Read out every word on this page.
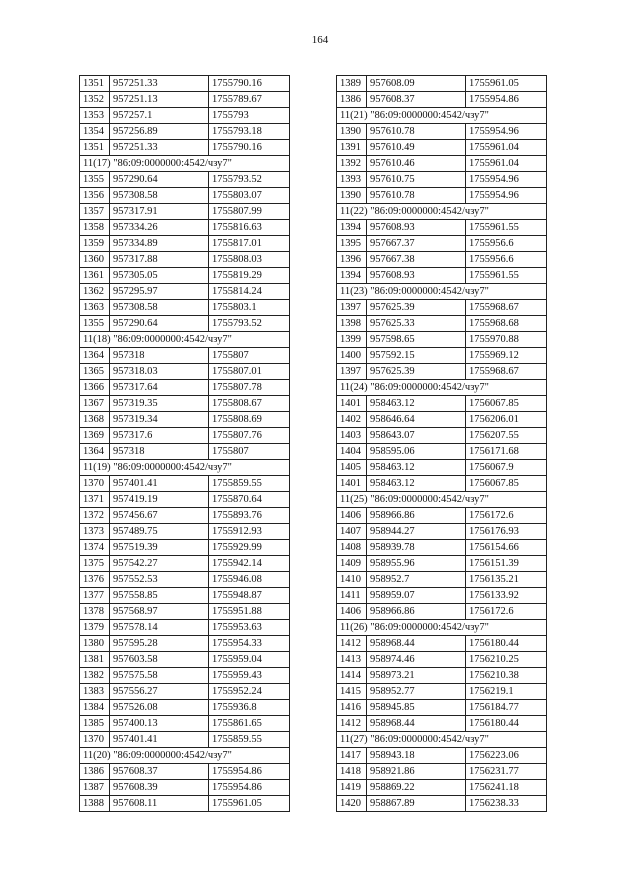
164
1351	957251.33	1755790.16
1352	957251.13	1755789.67
1353	957257.1	1755793
1354	957256.89	1755793.18
1351	957251.33	1755790.16
11(17) "86:09:0000000:4542/чзу7"		
1355	957290.64	1755793.52
1356	957308.58	1755803.07
1357	957317.91	1755807.99
1358	957334.26	1755816.63
1359	957334.89	1755817.01
1360	957317.88	1755808.03
1361	957305.05	1755819.29
1362	957295.97	1755814.24
1363	957308.58	1755803.1
1355	957290.64	1755793.52
11(18) "86:09:0000000:4542/чзу7"		
1364	957318	1755807
1365	957318.03	1755807.01
1366	957317.64	1755807.78
1367	957319.35	1755808.67
1368	957319.34	1755808.69
1369	957317.6	1755807.76
1364	957318	1755807
11(19) "86:09:0000000:4542/чзу7"		
1370	957401.41	1755859.55
1371	957419.19	1755870.64
1372	957456.67	1755893.76
1373	957489.75	1755912.93
1374	957519.39	1755929.99
1375	957542.27	1755942.14
1376	957552.53	1755946.08
1377	957558.85	1755948.87
1378	957568.97	1755951.88
1379	957578.14	1755953.63
1380	957595.28	1755954.33
1381	957603.58	1755959.04
1382	957575.58	1755959.43
1383	957556.27	1755952.24
1384	957526.08	1755936.8
1385	957400.13	1755861.65
1370	957401.41	1755859.55
11(20) "86:09:0000000:4542/чзу7"		
1386	957608.37	1755954.86
1387	957608.39	1755954.86
1388	957608.11	1755961.05
1389	957608.09	1755961.05
1386	957608.37	1755954.86
11(21) "86:09:0000000:4542/чзу7"		
1390	957610.78	1755954.96
1391	957610.49	1755961.04
1392	957610.46	1755961.04
1393	957610.75	1755954.96
1390	957610.78	1755954.96
11(22) "86:09:0000000:4542/чзу7"		
1394	957608.93	1755961.55
1395	957667.37	1755956.6
1396	957667.38	1755956.6
1394	957608.93	1755961.55
11(23) "86:09:0000000:4542/чзу7"		
1397	957625.39	1755968.67
1398	957625.33	1755968.68
1399	957598.65	1755970.88
1400	957592.15	1755969.12
1397	957625.39	1755968.67
11(24) "86:09:0000000:4542/чзу7"		
1401	958463.12	1756067.85
1402	958646.64	1756206.01
1403	958643.07	1756207.55
1404	958595.06	1756171.68
1405	958463.12	1756067.9
1401	958463.12	1756067.85
11(25) "86:09:0000000:4542/чзу7"		
1406	958966.86	1756172.6
1407	958944.27	1756176.93
1408	958939.78	1756154.66
1409	958955.96	1756151.39
1410	958952.7	1756135.21
1411	958959.07	1756133.92
1406	958966.86	1756172.6
11(26) "86:09:0000000:4542/чзу7"		
1412	958968.44	1756180.44
1413	958974.46	1756210.25
1414	958973.21	1756210.38
1415	958952.77	1756219.1
1416	958945.85	1756184.77
1412	958968.44	1756180.44
11(27) "86:09:0000000:4542/чзу7"		
1417	958943.18	1756223.06
1418	958921.86	1756231.77
1419	958869.22	1756241.18
1420	958867.89	1756238.33
